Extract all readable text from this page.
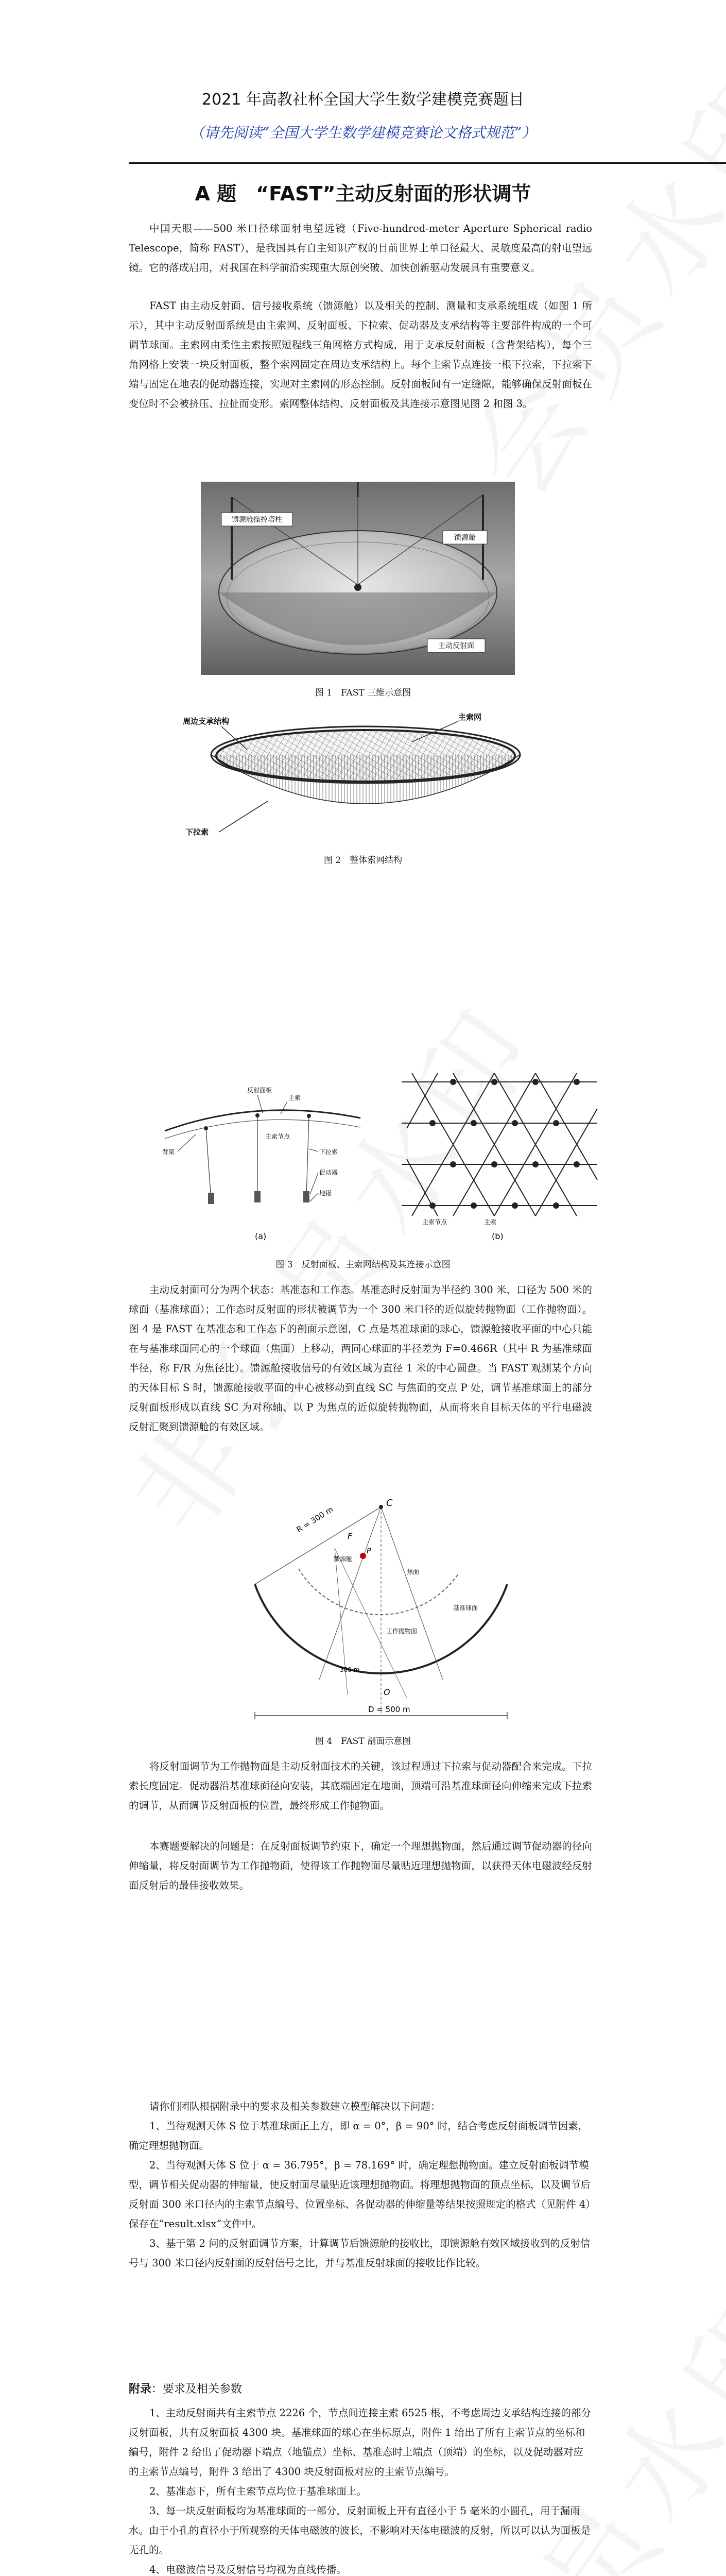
2021 年高教社杯全国大学生数学建模竞赛题目
（请先阅读“全国大学生数学建模竞赛论文格式规范”）
A 题　“FAST”主动反射面的形状调节

中国天眼——500 米口径球面射电望远镜（Five-hundred-meter Aperture Spherical radio Telescope，简称 FAST），是我国具有自主知识产权的目前世界上单口径最大、灵敏度最高的射电望远镜。它的落成启用，对我国在科学前沿实现重大原创突破、加快创新驱动发展具有重要意义。

FAST 由主动反射面、信号接收系统（馈源舱）以及相关的控制、测量和支承系统组成（如图 1 所示），其中主动反射面系统是由主索网、反射面板、下拉索、促动器及支承结构等主要部件构成的一个可调节球面。主索网由柔性主索按照短程线三角网格方式构成，用于支承反射面板（含背架结构），每个三角网格上安装一块反射面板，整个索网固定在周边支承结构上。每个主索节点连接一根下拉索，下拉索下端与固定在地表的促动器连接，实现对主索网的形态控制。反射面板间有一定缝隙，能够确保反射面板在变位时不会被挤压、拉扯而变形。索网整体结构、反射面板及其连接示意图见图 2 和图 3。

馈源舱操控塔柱
馈源舱
主动反射面
图 1　FAST 三维示意图
周边支承结构	主索网
下拉索
图 2　整体索网结构
反射面板
主索
背架
主索节点
下拉索
促动器
地锚
(a)
主索节点	主索
(b)
图 3　反射面板、主索网结构及其连接示意图

主动反射面可分为两个状态：基准态和工作态。基准态时反射面为半径约 300 米、口径为 500 米的球面（基准球面）；工作态时反射面的形状被调节为一个 300 米口径的近似旋转抛物面（工作抛物面）。图 4 是 FAST 在基准态和工作态下的剖面示意图，C 点是基准球面的球心，馈源舱接收平面的中心只能在与基准球面同心的一个球面（焦面）上移动，两同心球面的半径差为 F=0.466R（其中 R 为基准球面半径，称 F/R 为焦径比）。馈源舱接收信号的有效区域为直径 1 米的中心圆盘。当 FAST 观测某个方向的天体目标 S 时，馈源舱接收平面的中心被移动到直线 SC 与焦面的交点 P 处，调节基准球面上的部分反射面板形成以直线 SC 为对称轴、以 P 为焦点的近似旋转抛物面，从而将来自目标天体的平行电磁波反射汇聚到馈源舱的有效区域。

C
R = 300 m
F
馈源舱
P
焦面
基准球面
工作抛物面
O
D = 500 m
300 m
图 4　FAST 剖面示意图

将反射面调节为工作抛物面是主动反射面技术的关键，该过程通过下拉索与促动器配合来完成。下拉索长度固定。促动器沿基准球面径向安装，其底端固定在地面，顶端可沿基准球面径向伸缩来完成下拉索的调节，从而调节反射面板的位置，最终形成工作抛物面。

本赛题要解决的问题是：在反射面板调节约束下，确定一个理想抛物面，然后通过调节促动器的径向伸缩量，将反射面调节为工作抛物面，使得该工作抛物面尽量贴近理想抛物面，以获得天体电磁波经反射面反射后的最佳接收效果。

请你们团队根据附录中的要求及相关参数建立模型解决以下问题：

1、当待观测天体 S 位于基准球面正上方，即 α = 0°，β = 90° 时，结合考虑反射面板调节因素，确定理想抛物面。

2、当待观测天体 S 位于 α = 36.795°，β = 78.169° 时，确定理想抛物面。建立反射面板调节模型，调节相关促动器的伸缩量，使反射面尽量贴近该理想抛物面。将理想抛物面的顶点坐标，以及调节后反射面 300 米口径内的主索节点编号、位置坐标、各促动器的伸缩量等结果按照规定的格式（见附件 4）保存在“result.xlsx”文件中。

3、基于第 2 问的反射面调节方案，计算调节后馈源舱的接收比，即馈源舱有效区域接收到的反射信号与 300 米口径内反射面的反射信号之比，并与基准反射球面的接收比作比较。

附录：要求及相关参数

1、主动反射面共有主索节点 2226 个，节点间连接主索 6525 根，不考虑周边支承结构连接的部分反射面板，共有反射面板 4300 块。基准球面的球心在坐标原点，附件 1 给出了所有主索节点的坐标和编号，附件 2 给出了促动器下端点（地锚点）坐标、基准态时上端点（顶端）的坐标，以及促动器对应的主索节点编号，附件 3 给出了 4300 块反射面板对应的主索节点编号。

2、基准态下，所有主索节点均位于基准球面上。

3、每一块反射面板均为基准球面的一部分，反射面板上开有直径小于 5 毫米的小圆孔，用于漏雨水。由于小孔的直径小于所观察的天体电磁波的波长，不影响对天体电磁波的反射，所以可以认为面板是无孔的。

4、电磁波信号及反射信号均视为直线传播。
